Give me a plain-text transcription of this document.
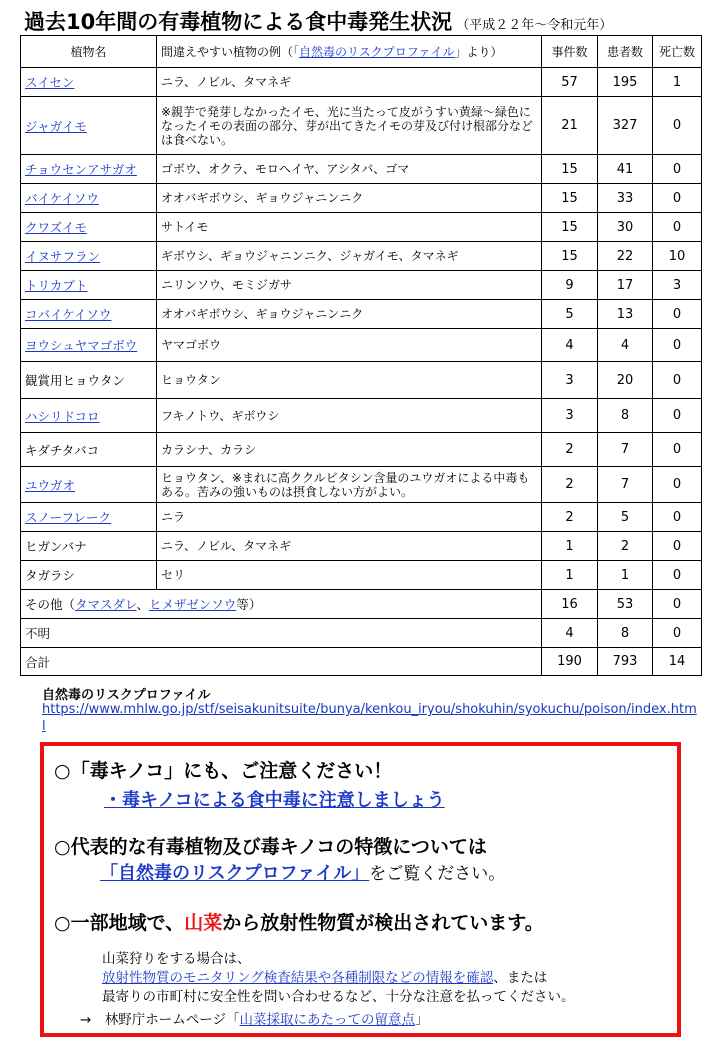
過去10年間の有毒植物による食中毒発生状況 （平成２２年～令和元年）
植物名	間違えやすい植物の例（「自然毒のリスクプロファイル」より）	事件数	患者数	死亡数
スイセン	ニラ、ノビル、タマネギ	57	195	1
ジャガイモ	※親芋で発芽しなかったイモ、光に当たって皮がうすい黄緑～緑色になったイモの表面の部分、芽が出てきたイモの芽及び付け根部分などは食べない。	21	327	0
チョウセンアサガオ	ゴボウ、オクラ、モロヘイヤ、アシタバ、ゴマ	15	41	0
バイケイソウ	オオバギボウシ、ギョウジャニンニク	15	33	0
クワズイモ	サトイモ	15	30	0
イヌサフラン	ギボウシ、ギョウジャニンニク、ジャガイモ、タマネギ	15	22	10
トリカブト	ニリンソウ、モミジガサ	9	17	3
コバイケイソウ	オオバギボウシ、ギョウジャニンニク	5	13	0
ヨウシュヤマゴボウ	ヤマゴボウ	4	4	0
観賞用ヒョウタン	ヒョウタン	3	20	0
ハシリドコロ	フキノトウ、ギボウシ	3	8	0
キダチタバコ	カラシナ、カラシ	2	7	0
ユウガオ	ヒョウタン、※まれに高ククルビタシン含量のユウガオによる中毒もある。苦みの強いものは摂食しない方がよい。	2	7	0
スノーフレーク	ニラ	2	5	0
ヒガンバナ	ニラ、ノビル、タマネギ	1	2	0
タガラシ	セリ	1	1	0
その他（タマスダレ、ヒメザゼンソウ等）		16	53	0
不明		4	8	0
合計		190	793	14
自然毒のリスクプロファイル
https://www.mhlw.go.jp/stf/seisakunitsuite/bunya/kenkou_iryou/shokuhin/syokuchu/poison/index.html
○「毒キノコ」にも、ご注意ください！
・毒キノコによる食中毒に注意しましょう
○代表的な有毒植物及び毒キノコの特徴については
「自然毒のリスクプロファイル」をご覧ください。
○一部地域で、山菜から放射性物質が検出されています。
山菜狩りをする場合は、
放射性物質のモニタリング検査結果や各種制限などの情報を確認、または
最寄りの市町村に安全性を問い合わせるなど、十分な注意を払ってください。
→　 林野庁ホームページ「山菜採取にあたっての留意点」
